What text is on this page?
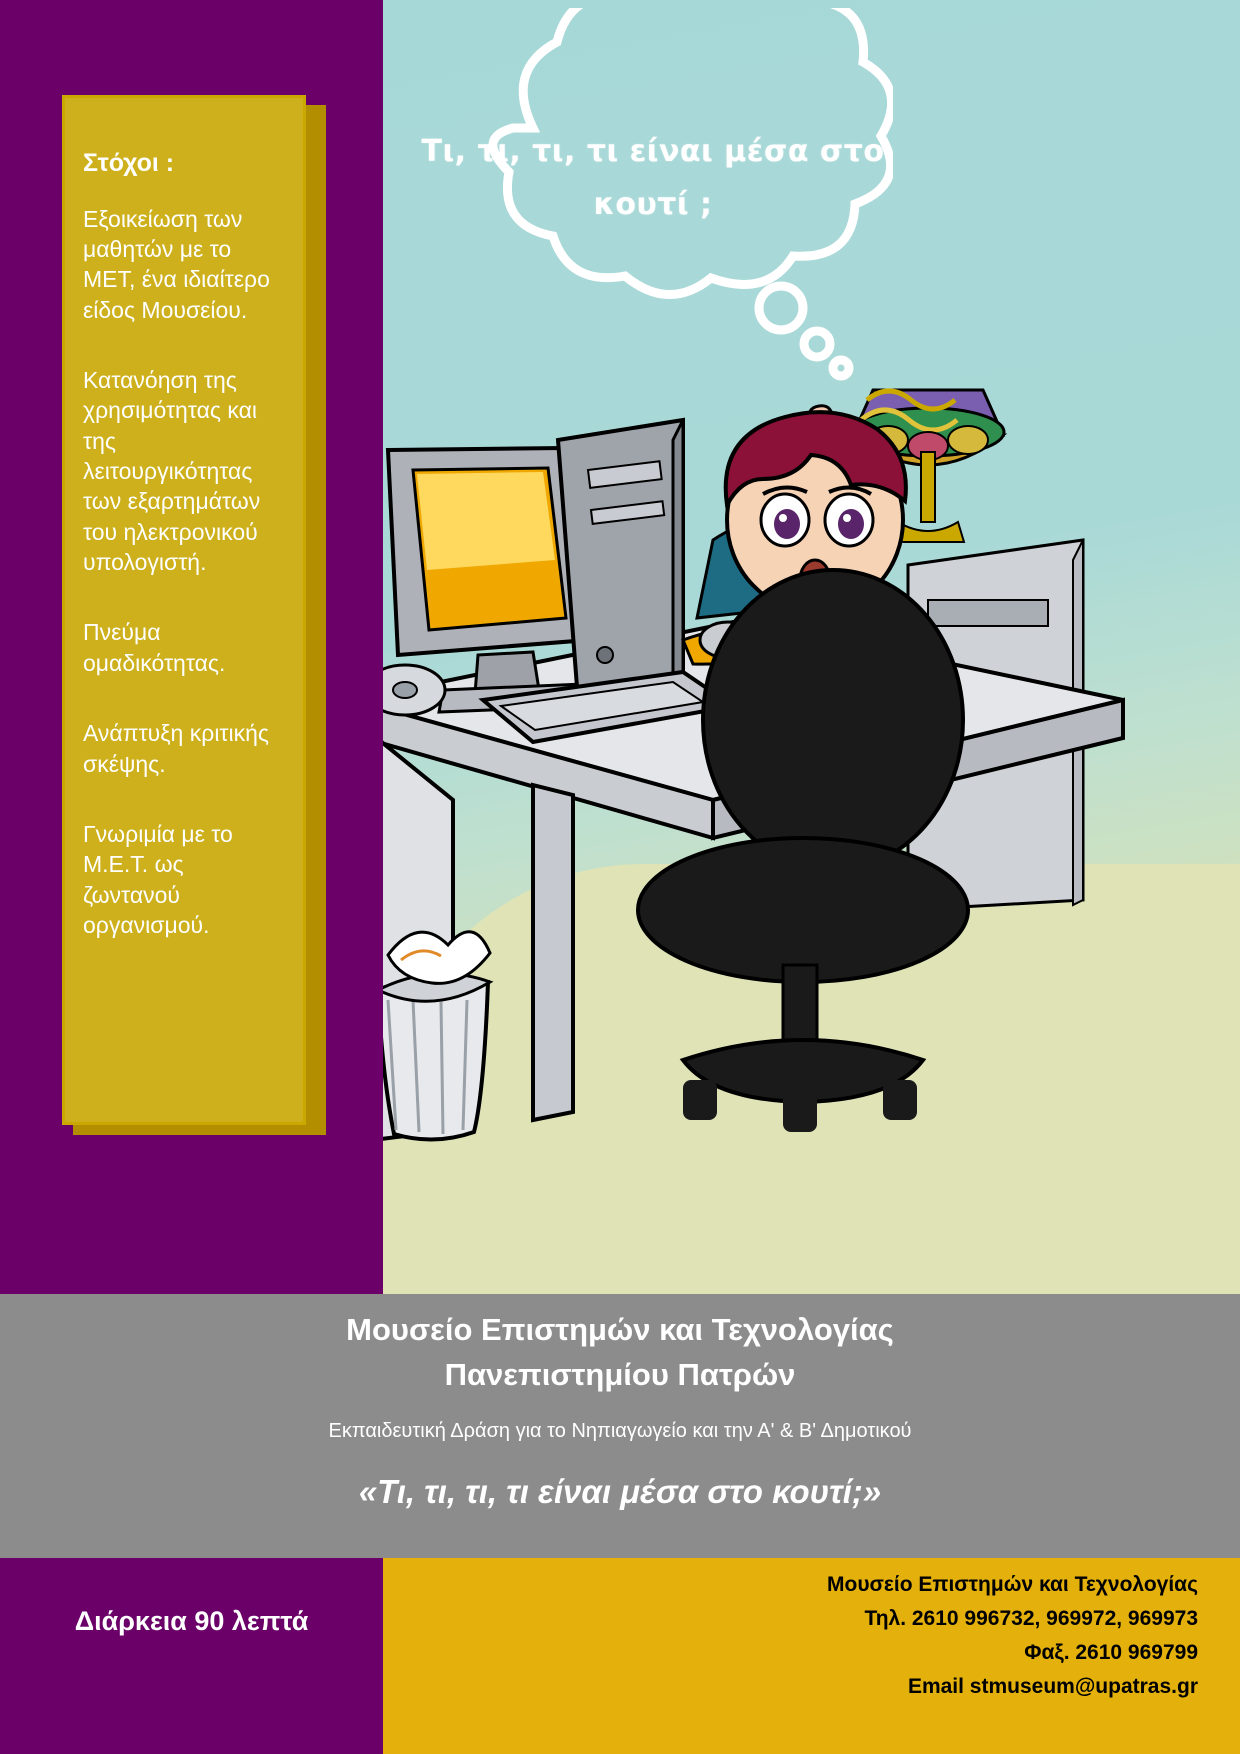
Τι, τι, τι, τι είναι μέσα στο κουτί ;
Στόχοι :

Εξοικείωση των μαθητών με το ΜΕΤ, ένα ιδιαίτερο είδος Μουσείου.

Κατανόηση της χρησιμότητας και της λειτουργικότητας των εξαρτημάτων του ηλεκτρονικού υπολογιστή.

Πνεύμα ομαδικότητας.

Ανάπτυξη κριτικής σκέψης.

Γνωριμία με το Μ.Ε.Τ. ως ζωντανού οργανισμού.

Μουσείο Επιστημών και Τεχνολογίας
Πανεπιστημίου Πατρών
Εκπαιδευτική Δράση για το Νηπιαγωγείο και την Α' & Β' Δημοτικού
«Τι, τι, τι, τι είναι μέσα στο κουτί;»
Διάρκεια 90 λεπτά
Μουσείο Επιστημών και Τεχνολογίας
Τηλ. 2610 996732, 969972, 969973
Φαξ. 2610 969799
Email stmuseum@upatras.gr
